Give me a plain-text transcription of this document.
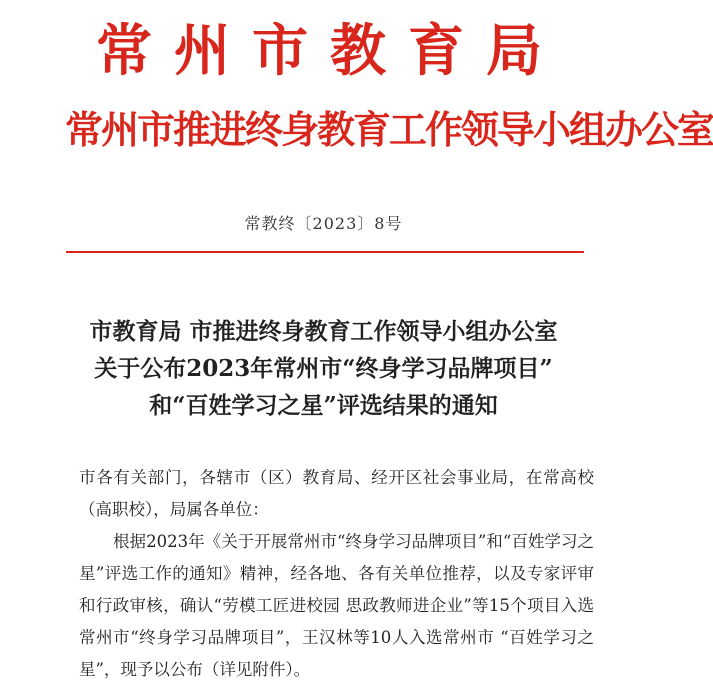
常州市教育局
常州市推进终身教育工作领导小组办公室
常教终〔2023〕8号
市教育局 市推进终身教育工作领导小组办公室
关于公布2023年常州市“终身学习品牌项目”
和“百姓学习之星”评选结果的通知

市各有关部门，各辖市（区）教育局、经开区社会事业局，在常高校（高职校），局属各单位：

根据2023年《关于开展常州市“终身学习品牌项目”和“百姓学习之星”评选工作的通知》精神，经各地、各有关单位推荐，以及专家评审和行政审核，确认“劳模工匠进校园 思政教师进企业”等15个项目入选常州市“终身学习品牌项目”，王汉林等10人入选常州市 “百姓学习之星”，现予以公布（详见附件）。
